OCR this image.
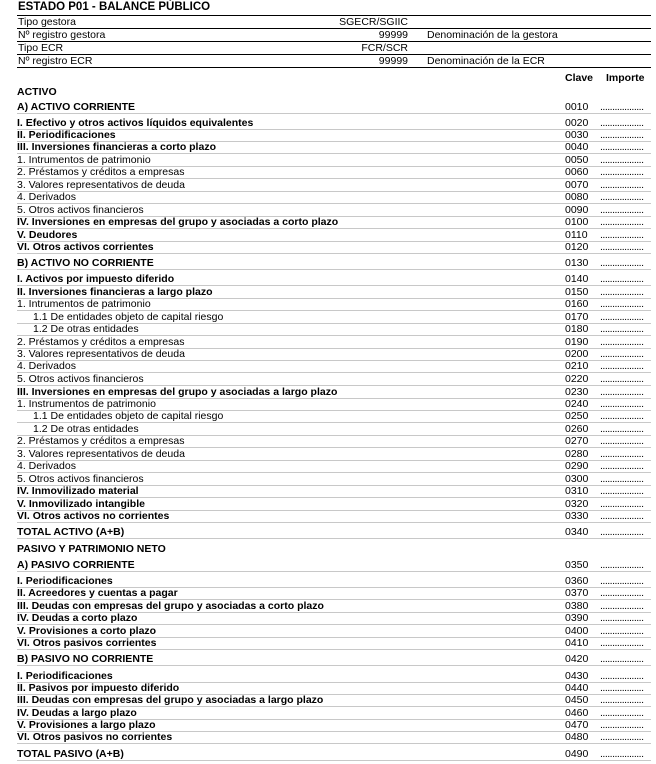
ESTADO P01 - BALANCE PÚBLICO
Tipo gestora	SGECR/SGIIC
Nº registro gestora	99999 Denominación de la gestora
Tipo ECR	FCR/SCR
Nº registro ECR	99999 Denominación de la ECR
Clave Importe
ACTIVO
A) ACTIVO CORRIENTE	0010	..................
I. Efectivo y otros activos líquidos equivalentes	0020	..................
II. Periodificaciones	0030	..................
III. Inversiones financieras a corto plazo	0040	..................
1. Intrumentos de patrimonio	0050	..................
2. Préstamos y créditos a empresas	0060	..................
3. Valores representativos de deuda	0070	..................
4. Derivados	0080	..................
5. Otros activos financieros	0090	..................
IV. Inversiones en empresas del grupo y asociadas a corto plazo	0100	..................
V. Deudores	0110	..................
VI. Otros activos corrientes	0120	..................
B) ACTIVO NO CORRIENTE	0130	..................
I. Activos por impuesto diferido	0140	..................
II. Inversiones financieras a largo plazo	0150	..................
1. Intrumentos de patrimonio	0160	..................
1.1 De entidades objeto de capital riesgo	0170	..................
1.2 De otras entidades	0180	..................
2. Préstamos y créditos a empresas	0190	..................
3. Valores representativos de deuda	0200	..................
4. Derivados	0210	..................
5. Otros activos financieros	0220	..................
III. Inversiones en empresas del grupo y asociadas a largo plazo	0230	..................
1. Instrumentos de patrimonio	0240	..................
1.1 De entidades objeto de capital riesgo	0250	..................
1.2 De otras entidades	0260	..................
2. Préstamos y créditos a empresas	0270	..................
3. Valores representativos de deuda	0280	..................
4. Derivados	0290	..................
5. Otros activos financieros	0300	..................
IV. Inmovilizado material	0310	..................
V. Inmovilizado intangible	0320	..................
VI. Otros activos no corrientes	0330	..................
TOTAL ACTIVO (A+B)	0340	..................
PASIVO Y PATRIMONIO NETO
A) PASIVO CORRIENTE	0350	..................
I. Periodificaciones	0360	..................
II. Acreedores y cuentas a pagar	0370	..................
III. Deudas con empresas del grupo y asociadas a corto plazo	0380	..................
IV. Deudas a corto plazo	0390	..................
V. Provisiones a corto plazo	0400	..................
VI. Otros pasivos corrientes	0410	..................
B) PASIVO NO CORRIENTE	0420	..................
I. Periodificaciones	0430	..................
II. Pasivos por impuesto diferido	0440	..................
III. Deudas con empresas del grupo y asociadas a largo plazo	0450	..................
IV. Deudas a largo plazo	0460	..................
V. Provisiones a largo plazo	0470	..................
VI. Otros pasivos no corrientes	0480	..................
TOTAL PASIVO (A+B)	0490	..................
